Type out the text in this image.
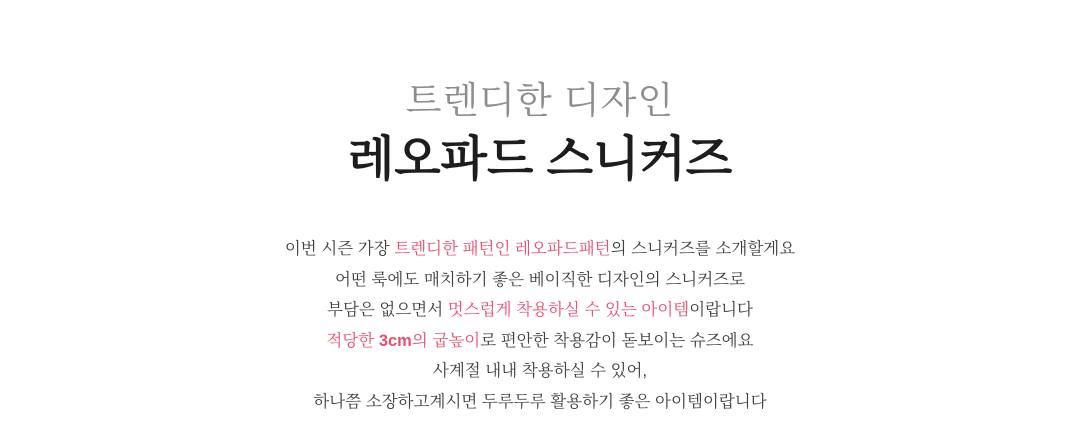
트렌디한 디자인
레오파드 스니커즈
이번 시즌 가장 트렌디한 패턴인 레오파드패턴의 스니커즈를 소개할게요
어떤 룩에도 매치하기 좋은 베이직한 디자인의 스니커즈로
부담은 없으면서 멋스럽게 착용하실 수 있는 아이템이랍니다
적당한 3cm의 굽높이로 편안한 착용감이 돋보이는 슈즈에요
사계절 내내 착용하실 수 있어,
하나쯤 소장하고계시면 두루두루 활용하기 좋은 아이템이랍니다
